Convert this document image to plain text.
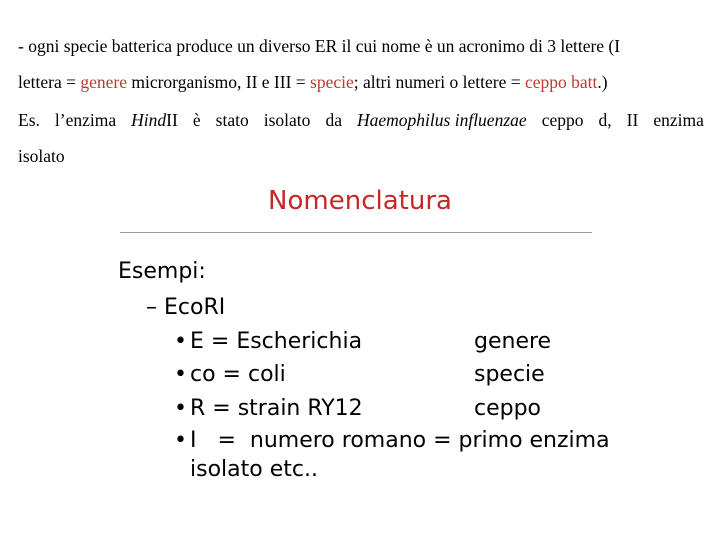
- ogni specie batterica produce un diverso ER il cui nome è un acronimo di 3 lettere (I
lettera = genere microrganismo, II e III = specie; altri numeri o lettere = ceppo batt.)
Es. l’enzima HindII è stato isolato da Haemophilus influenzae ceppo d, II enzima
isolato
Nomenclatura
Esempi:
– EcoRI
• E = Escherichia	genere
• co = coli	specie
• R = strain RY12	ceppo
• I   =  numero romano = primo enzima
isolato etc..
